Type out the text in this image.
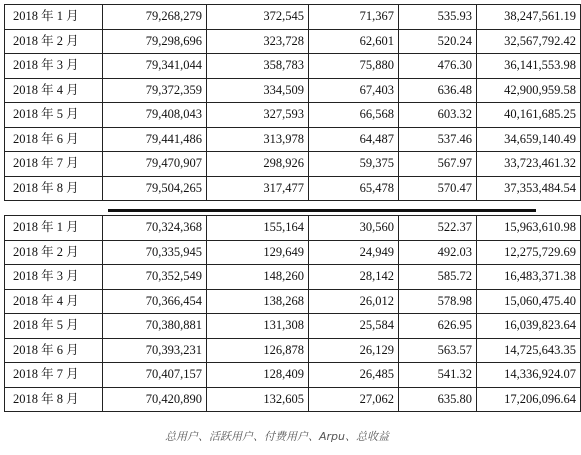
2018 年 1 月	79,268,279	372,545	71,367	535.93	38,247,561.19
2018 年 2 月	79,298,696	323,728	62,601	520.24	32,567,792.42
2018 年 3 月	79,341,044	358,783	75,880	476.30	36,141,553.98
2018 年 4 月	79,372,359	334,509	67,403	636.48	42,900,959.58
2018 年 5 月	79,408,043	327,593	66,568	603.32	40,161,685.25
2018 年 6 月	79,441,486	313,978	64,487	537.46	34,659,140.49
2018 年 7 月	79,470,907	298,926	59,375	567.97	33,723,461.32
2018 年 8 月	79,504,265	317,477	65,478	570.47	37,353,484.54
2018 年 1 月	70,324,368	155,164	30,560	522.37	15,963,610.98
2018 年 2 月	70,335,945	129,649	24,949	492.03	12,275,729.69
2018 年 3 月	70,352,549	148,260	28,142	585.72	16,483,371.38
2018 年 4 月	70,366,454	138,268	26,012	578.98	15,060,475.40
2018 年 5 月	70,380,881	131,308	25,584	626.95	16,039,823.64
2018 年 6 月	70,393,231	126,878	26,129	563.57	14,725,643.35
2018 年 7 月	70,407,157	128,409	26,485	541.32	14,336,924.07
2018 年 8 月	70,420,890	132,605	27,062	635.80	17,206,096.64
总用户、活跃用户、付费用户、Arpu、总收益
